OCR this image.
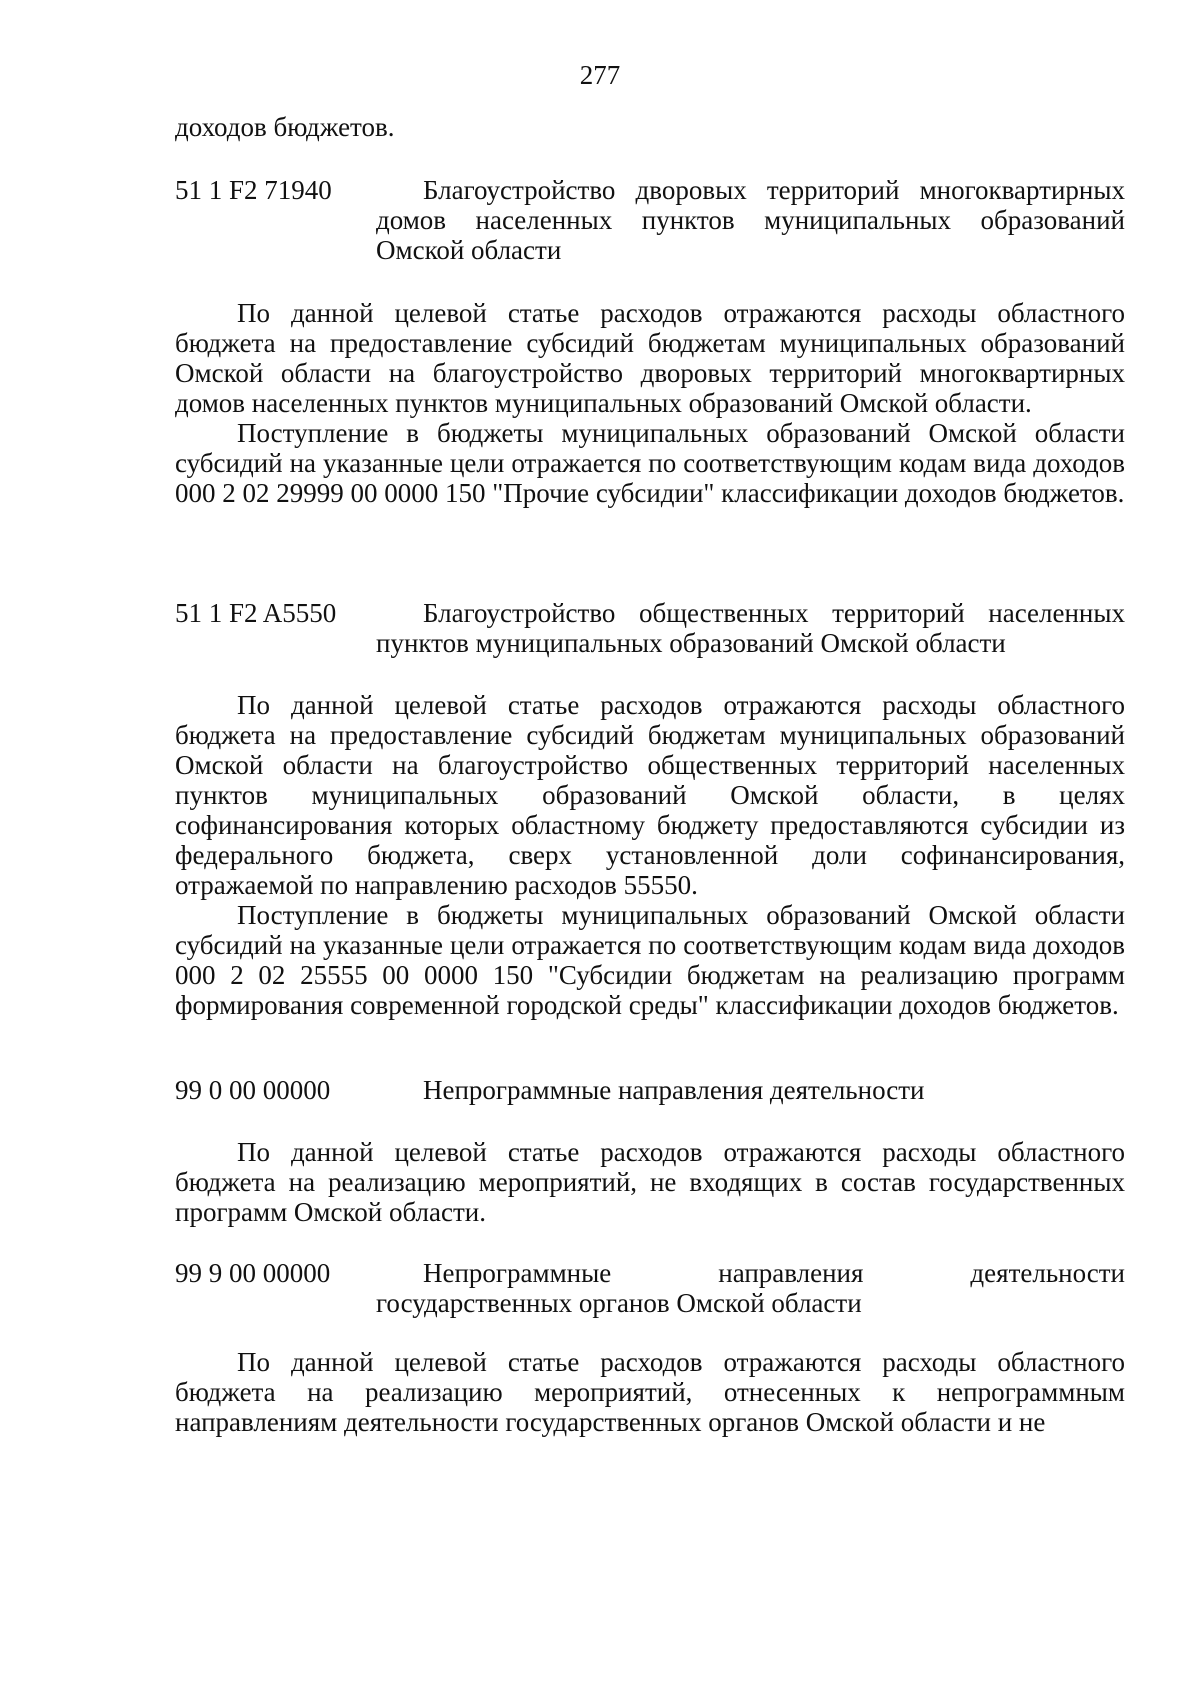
277

доходов бюджетов.

51 1 F2 71940	Благоустройство дворовых территорий многоквартирных домов населенных пунктов муниципальных образований Омской области

По данной целевой статье расходов отражаются расходы областного бюджета на предоставление субсидий бюджетам муниципальных образований Омской области на благоустройство дворовых территорий многоквартирных домов населенных пунктов муниципальных образований Омской области.

Поступление в бюджеты муниципальных образований Омской области субсидий на указанные цели отражается по соответствующим кодам вида доходов 000 2 02 29999 00 0000 150 "Прочие субсидии" классификации доходов бюджетов.

51 1 F2 A5550	Благоустройство общественных территорий населенных пунктов муниципальных образований Омской области

По данной целевой статье расходов отражаются расходы областного бюджета на предоставление субсидий бюджетам муниципальных образований Омской области на благоустройство общественных территорий населенных пунктов муниципальных образований Омской области, в целях софинансирования которых областному бюджету предоставляются субсидии из федерального бюджета, сверх установленной доли софинансирования, отражаемой по направлению расходов 55550.

Поступление в бюджеты муниципальных образований Омской области субсидий на указанные цели отражается по соответствующим кодам вида доходов 000 2 02 25555 00 0000 150 "Субсидии бюджетам на реализацию программ формирования современной городской среды" классификации доходов бюджетов.

99 0 00 00000	Непрограммные направления деятельности

По данной целевой статье расходов отражаются расходы областного бюджета на реализацию мероприятий, не входящих в состав государственных программ Омской области.

99 9 00 00000	Непрограммные направления деятельности государственных органов Омской области

По данной целевой статье расходов отражаются расходы областного бюджета на реализацию мероприятий, отнесенных к непрограммным направлениям деятельности государственных органов Омской области и не
